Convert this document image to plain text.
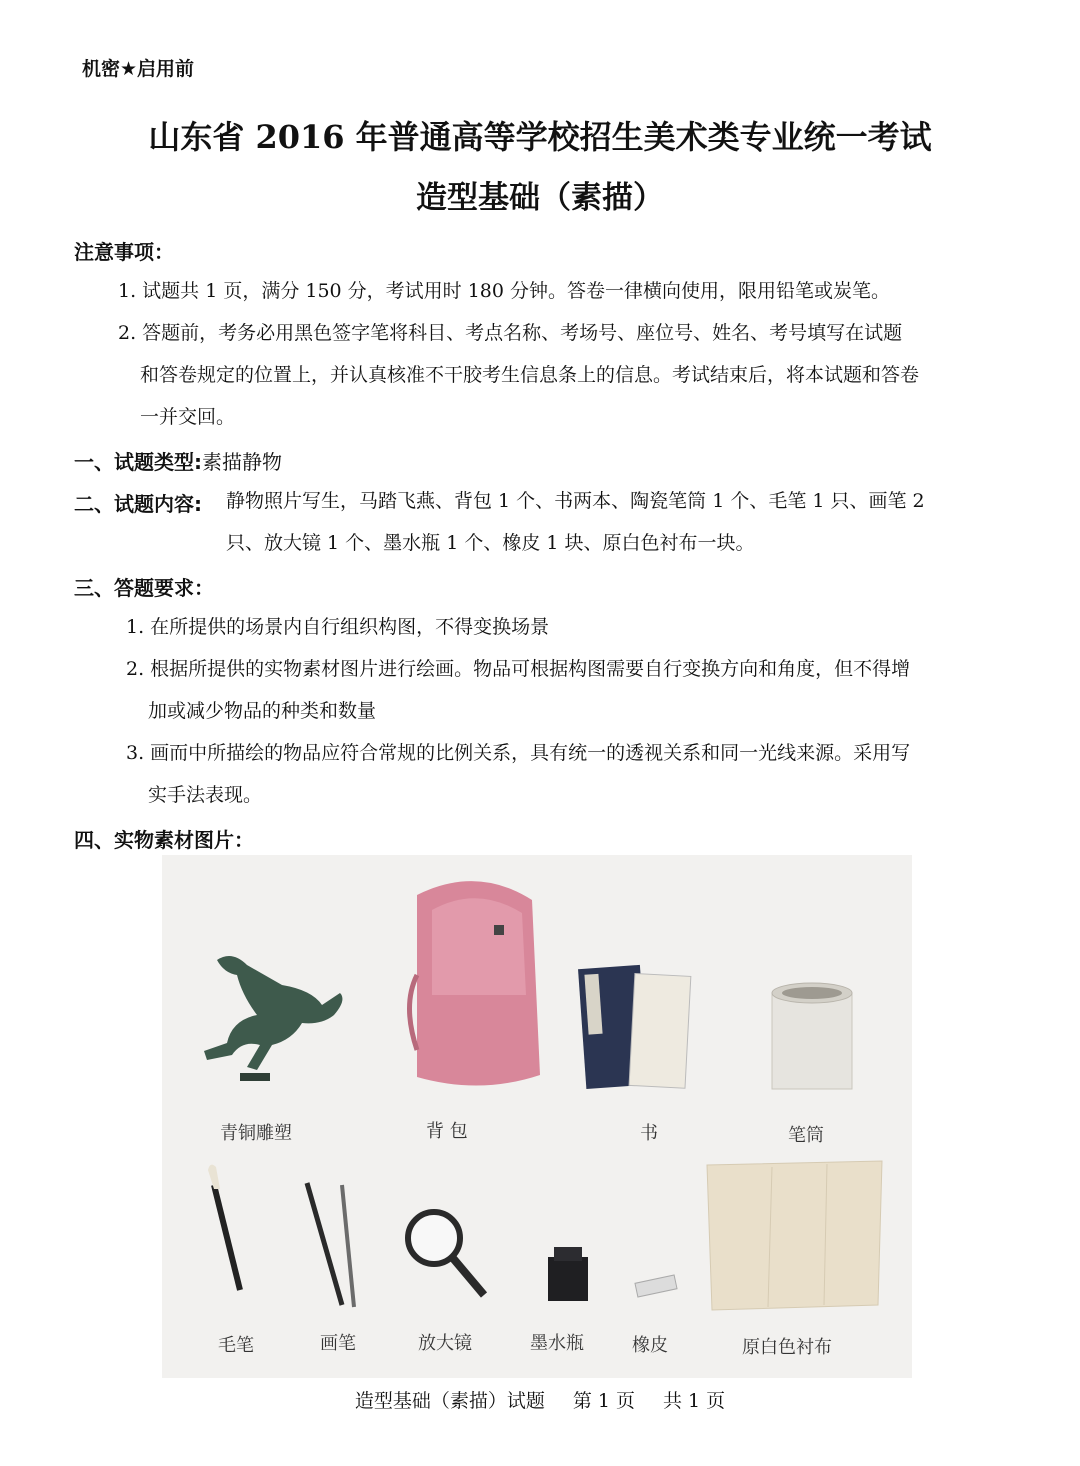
机密★启用前
山东省 2016 年普通高等学校招生美术类专业统一考试
造型基础（素描）
注意事项：
1. 试题共 1 页，满分 150 分，考试用时 180 分钟。答卷一律横向使用，限用铅笔或炭笔。
2. 答题前，考务必用黑色签字笔将科目、考点名称、考场号、座位号、姓名、考号填写在试题
和答卷规定的位置上，并认真核准不干胶考生信息条上的信息。考试结束后，将本试题和答卷
一并交回。
一、试题类型:素描静物
二、试题内容: 静物照片写生，马踏飞燕、背包 1 个、书两本、陶瓷笔筒 1 个、毛笔 1 只、画笔 2
只、放大镜 1 个、墨水瓶 1 个、橡皮 1 块、原白色衬布一块。
三、答题要求：
1. 在所提供的场景内自行组织构图，不得变换场景
2. 根据所提供的实物素材图片进行绘画。物品可根据构图需要自行变换方向和角度，但不得增
加或减少物品的种类和数量
3. 画而中所描绘的物品应符合常规的比例关系，具有统一的透视关系和同一光线来源。采用写
实手法表现。
四、实物素材图片：
青铜雕塑	背 包	书	笔筒
毛笔	画笔	放大镜	墨水瓶	橡皮	原白色衬布
造型基础（素描）试题 第 1 页 共 1 页
